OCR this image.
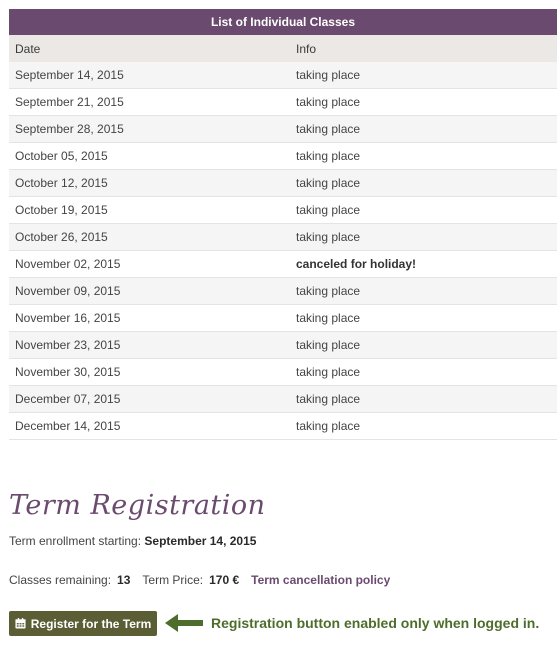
List of Individual Classes
Date	Info
September 14, 2015	taking place
September 21, 2015	taking place
September 28, 2015	taking place
October 05, 2015	taking place
October 12, 2015	taking place
October 19, 2015	taking place
October 26, 2015	taking place
November 02, 2015	canceled for holiday!
November 09, 2015	taking place
November 16, 2015	taking place
November 23, 2015	taking place
November 30, 2015	taking place
December 07, 2015	taking place
December 14, 2015	taking place
Term Registration
Term enrollment starting: September 14, 2015
Classes remaining: 13 Term Price: 170 € Term cancellation policy
Register for the Term	Registration button enabled only when logged in.
